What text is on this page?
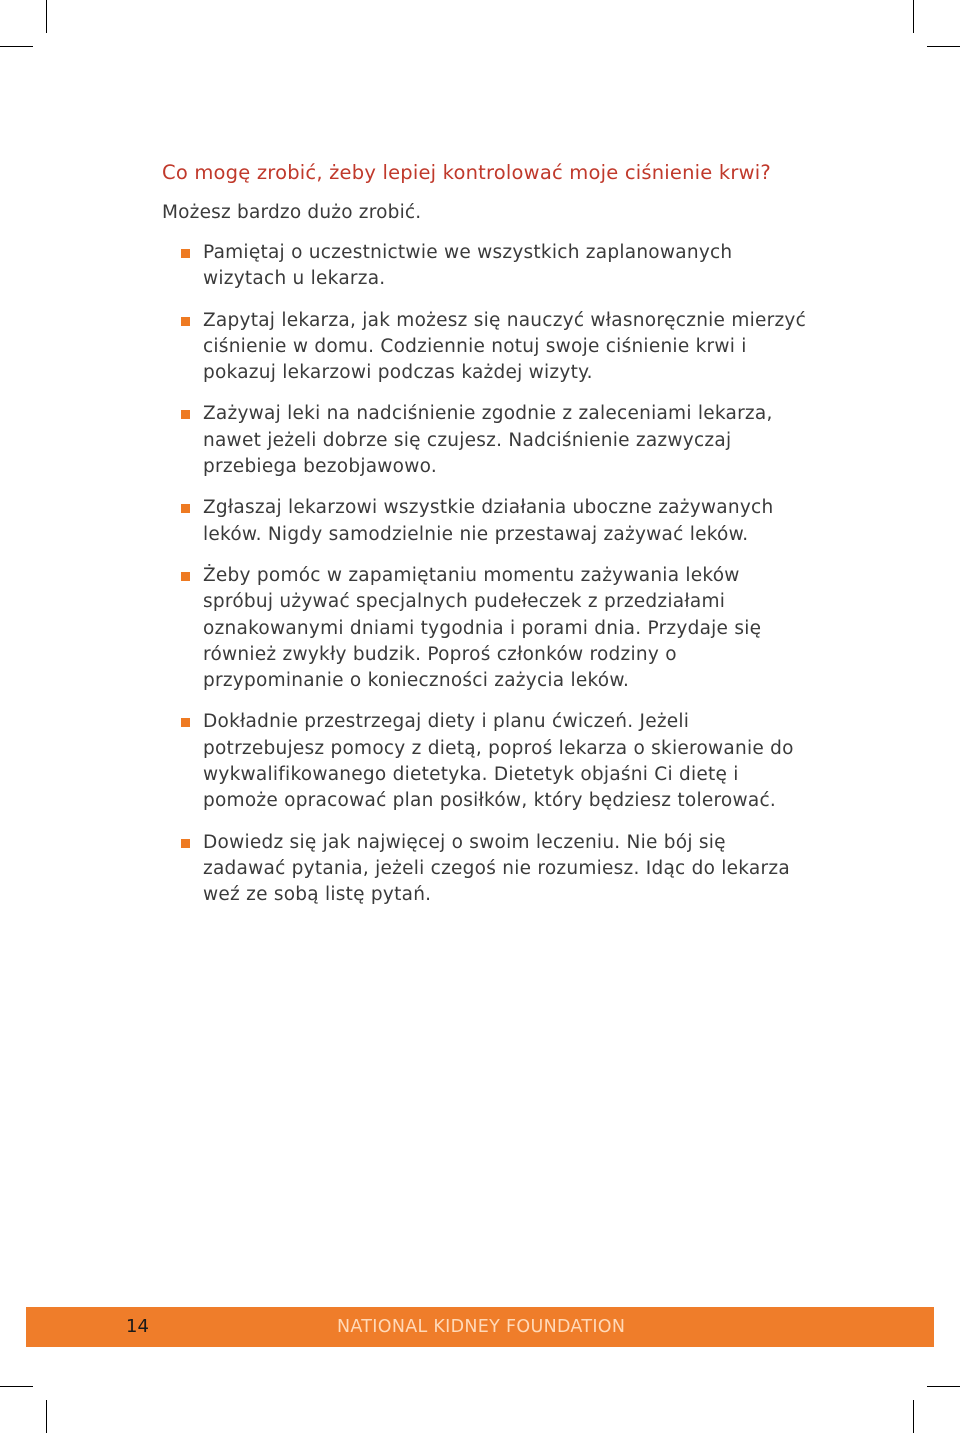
Co mogę zrobić, żeby lepiej kontrolować moje ciśnienie krwi?

Możesz bardzo dużo zrobić.

Pamiętaj o uczestnictwie we wszystkich zaplanowanych wizytach u lekarza.
Zapytaj lekarza, jak możesz się nauczyć własnoręcznie mierzyć ciśnienie w domu. Codziennie notuj swoje ciśnienie krwi i pokazuj lekarzowi podczas każdej wizyty.
Zażywaj leki na nadciśnienie zgodnie z zaleceniami lekarza, nawet jeżeli dobrze się czujesz. Nadciśnienie zazwyczaj przebiega bezobjawowo.
Zgłaszaj lekarzowi wszystkie działania uboczne zażywanych leków. Nigdy samodzielnie nie przestawaj zażywać leków.
Żeby pomóc w zapamiętaniu momentu zażywania leków spróbuj używać specjalnych pudełeczek z przedziałami oznakowanymi dniami tygodnia i porami dnia. Przydaje się również zwykły budzik. Poproś członków rodziny o przypominanie o konieczności zażycia leków.
Dokładnie przestrzegaj diety i planu ćwiczeń. Jeżeli potrzebujesz pomocy z dietą, poproś lekarza o skierowanie do wykwalifikowanego dietetyka. Dietetyk objaśni Ci dietę i pomoże opracować plan posiłków, który będziesz tolerować.
Dowiedz się jak najwięcej o swoim leczeniu. Nie bój się zadawać pytania, jeżeli czegoś nie rozumiesz. Idąc do lekarza weź ze sobą listę pytań.
14	NATIONAL KIDNEY FOUNDATION
